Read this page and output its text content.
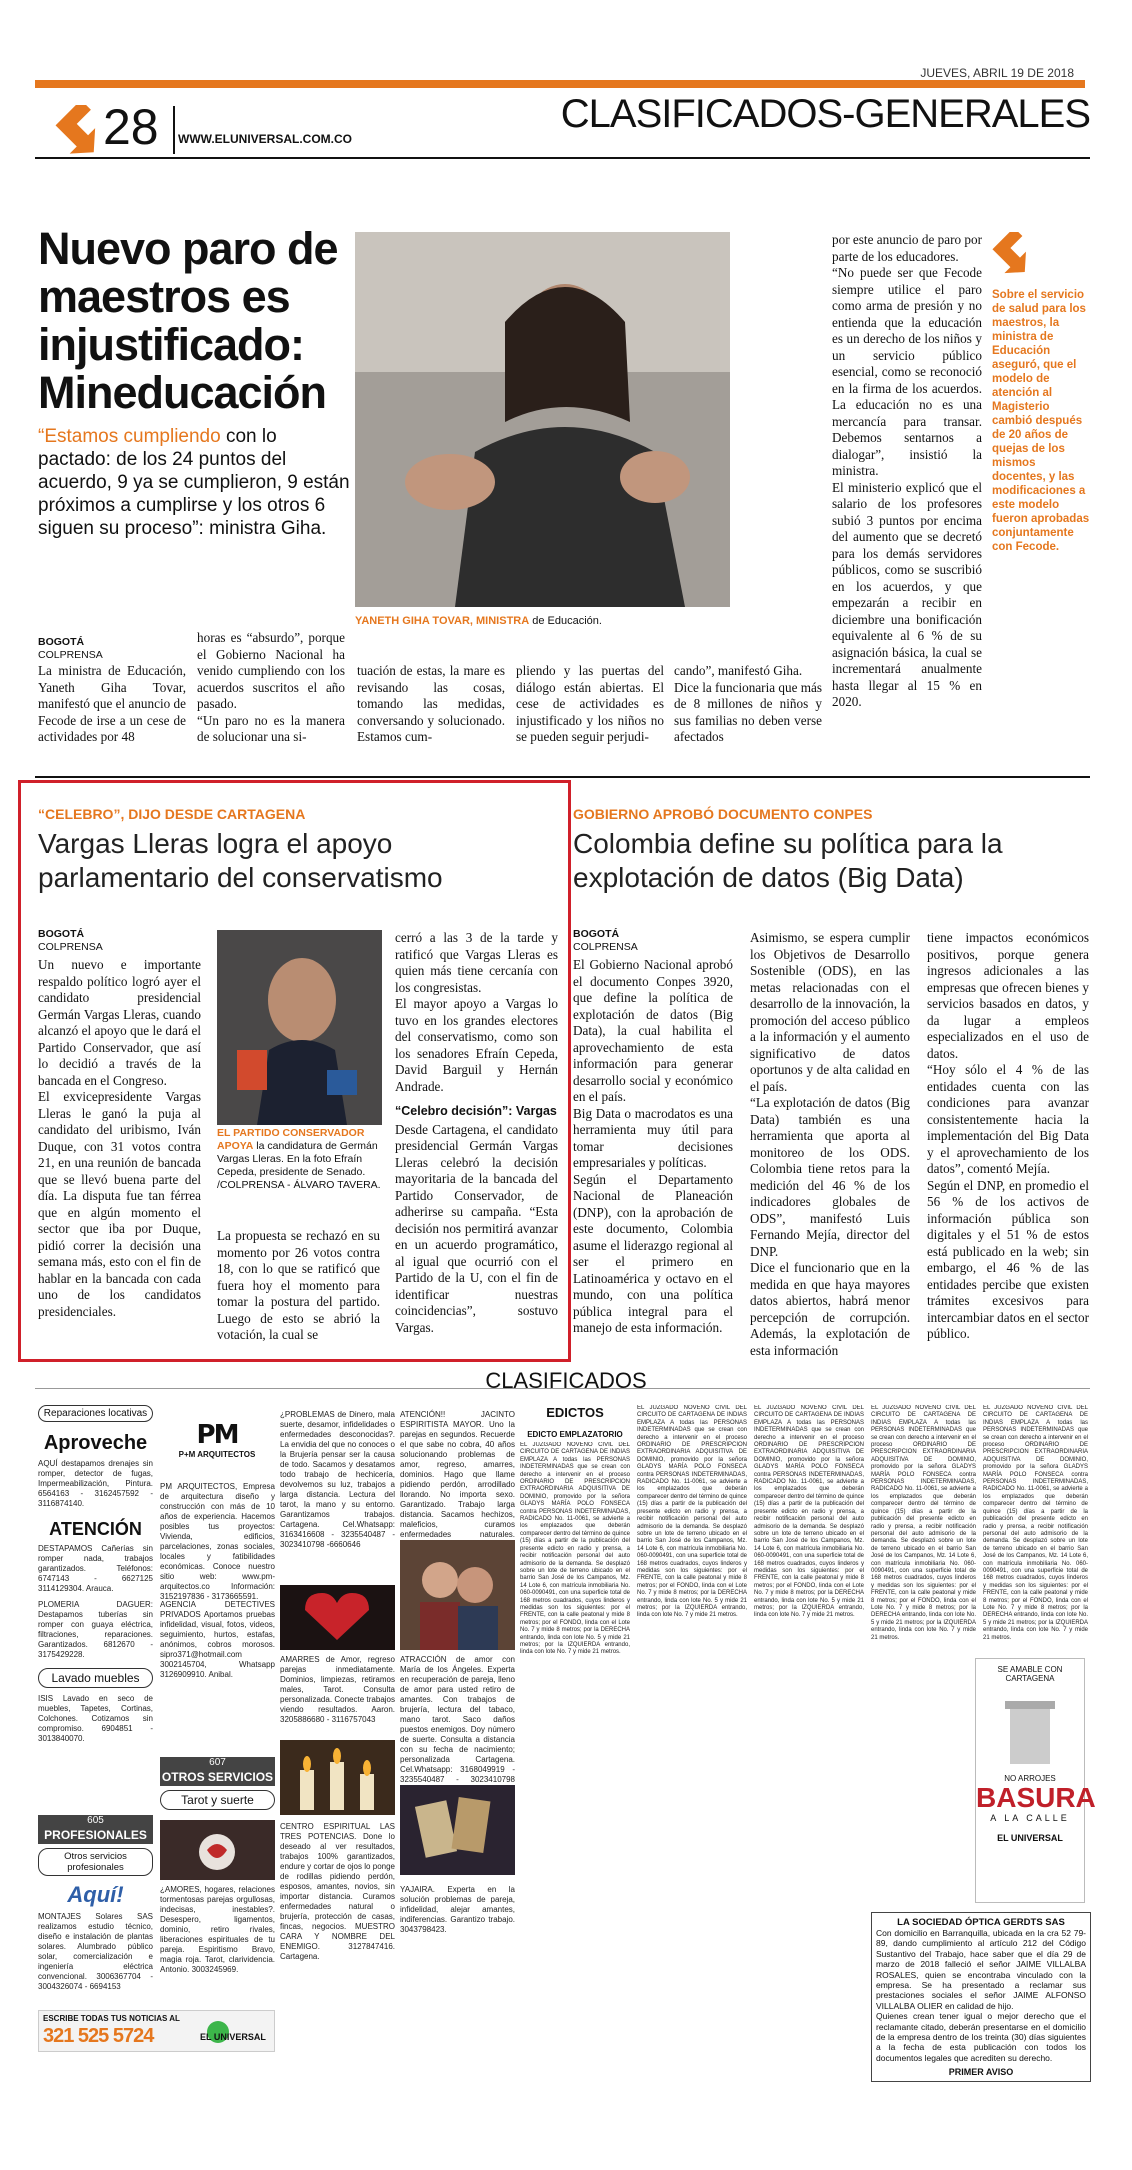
JUEVES, ABRIL 19 DE 2018
28 WWW.ELUNIVERSAL.COM.CO
CLASIFICADOS-GENERALES
Nuevo paro de maestros es injustificado: Mineducación
“Estamos cumpliendo con lo pactado: de los 24 puntos del acuerdo, 9 ya se cumplieron, 9 están próximos a cumplirse y los otros 6 siguen su proceso”: ministra Giha.
YANETH GIHA TOVAR, MINISTRA de Educación.
BOGOTÁ
COLPRENSA
La ministra de Educación, Yaneth Giha Tovar, manifestó que el anuncio de Fecode de irse a un cese de actividades por 48
horas es “absurdo”, porque el Gobierno Nacional ha venido cumpliendo con los acuerdos suscritos el año pasado.
“Un paro no es la manera de solucionar una si-
tuación de estas, la mare es revisando las cosas, tomando las medidas, conversando y solucionado. Estamos cum-
pliendo y las puertas del diálogo están abiertas. El cese de actividades es injustificado y los niños no se pueden seguir perjudi-
cando”, manifestó Giha.
Dice la funcionaria que más de 8 millones de niños y sus familias no deben verse afectados
por este anuncio de paro por parte de los educadores.
“No puede ser que Fecode siempre utilice el paro como arma de presión y no entienda que la educación es un derecho de los niños y un servicio público esencial, como se reconoció en la firma de los acuerdos. La educación no es una mercancía para transar. Debemos sentarnos a dialogar”, insistió la ministra.
El ministerio explicó que el salario de los profesores subió 3 puntos por encima del aumento que se decretó para los demás servidores públicos, como se suscribió en los acuerdos, y que empezarán a recibir en diciembre una bonificación equivalente al 6 % de su asignación básica, la cual se incrementará anualmente hasta llegar al 15 % en 2020.
Sobre el servicio de salud para los maestros, la ministra de Educación aseguró, que el modelo de atención al Magisterio cambió después de 20 años de quejas de los mismos docentes, y las modificaciones a este modelo fueron aprobadas conjuntamente con Fecode.
“CELEBRO”, DIJO DESDE CARTAGENA
Vargas Lleras logra el apoyo parlamentario del conservatismo
BOGOTÁ
COLPRENSA
Un nuevo e importante respaldo político logró ayer el candidato presidencial Germán Vargas Lleras, cuando alcanzó el apoyo que le dará el Partido Conservador, que así lo decidió a través de la bancada en el Congreso.
El exvicepresidente Vargas Lleras le ganó la puja al candidato del uribismo, Iván Duque, con 31 votos contra 21, en una reunión de bancada que se llevó buena parte del día. La disputa fue tan férrea que en algún momento el sector que iba por Duque, pidió correr la decisión una semana más, esto con el fin de hablar en la bancada con cada uno de los candidatos presidenciales.
EL PARTIDO CONSERVADOR APOYA la candidatura de Germán Vargas Lleras. En la foto Efraín Cepeda, presidente de Senado. /COLPRENSA - ÁLVARO TAVERA.
La propuesta se rechazó en su momento por 26 votos contra 18, con lo que se ratificó que fuera hoy el momento para tomar la postura del partido. Luego de esto se abrió la votación, la cual se
cerró a las 3 de la tarde y ratificó que Vargas Lleras es quien más tiene cercanía con los congresistas.
El mayor apoyo a Vargas lo tuvo en los grandes electores del conservatismo, como son los senadores Efraín Cepeda, David Barguil y Hernán Andrade.
“Celebro decisión”: Vargas
Desde Cartagena, el candidato presidencial Germán Vargas Lleras celebró la decisión mayoritaria de la bancada del Partido Conservador, de adherirse su campaña. “Esta decisión nos permitirá avanzar en un acuerdo programático, al igual que ocurrió con el Partido de la U, con el fin de identificar nuestras coincidencias”, sostuvo Vargas.
GOBIERNO APROBÓ DOCUMENTO CONPES
Colombia define su política para la explotación de datos (Big Data)
BOGOTÁ
COLPRENSA
El Gobierno Nacional aprobó el documento Conpes 3920, que define la política de explotación de datos (Big Data), la cual habilita el aprovechamiento de esta información para generar desarrollo social y económico en el país.
Big Data o macrodatos es una herramienta muy útil para tomar decisiones empresariales y políticas.
Según el Departamento Nacional de Planeación (DNP), con la aprobación de este documento, Colombia asume el liderazgo regional al ser el primero en Latinoamérica y octavo en el mundo, con una política pública integral para el manejo de esta información.
Asimismo, se espera cumplir los Objetivos de Desarrollo Sostenible (ODS), en las metas relacionadas con el desarrollo de la innovación, la promoción del acceso público a la información y el aumento significativo de datos oportunos y de alta calidad en el país.
“La explotación de datos (Big Data) también es una herramienta que aporta al monitoreo de los ODS. Colombia tiene retos para la medición del 46 % de los indicadores globales de ODS”, manifestó Luis Fernando Mejía, director del DNP.
Dice el funcionario que en la medida en que haya mayores datos abiertos, habrá menor percepción de corrupción. Además, la explotación de esta información
tiene impactos económicos positivos, porque genera ingresos adicionales a las empresas que ofrecen bienes y servicios basados en datos, y da lugar a empleos especializados en el uso de datos.
“Hoy sólo el 4 % de las entidades cuenta con las condiciones para avanzar consistentemente hacia la implementación del Big Data y el aprovechamiento de los datos”, comentó Mejía.
Según el DNP, en promedio el 56 % de los activos de información pública son digitales y el 51 % de estos está publicado en la web; sin embargo, el 46 % de las entidades percibe que existen trámites excesivos para intercambiar datos en el sector público.
CLASIFICADOS
Reparaciones locativas
Aproveche
AQUÍ destapamos drenajes sin romper, detector de fugas, Impermeabilización, Pintura. 6564163 - 3162457592 - 3116874140.
ATENCIÓN
DESTAPAMOS Cañerías sin romper nada, trabajos garantizados. Teléfonos: 6747143 - 6627125 3114129304. Arauca.
PLOMERIA DAGUER: Destapamos tuberías sin romper con guaya eléctrica, filtraciones, reparaciones. Garantizados. 6812670 - 3175429228.
Lavado muebles
ISIS Lavado en seco de muebles, Tapetes, Cortinas, Colchones. Cotizamos sin compromiso. 6904851 - 3013840070.
607
OTROS SERVICIOS
Tarot y suerte
605
PROFESIONALES
Otros servicios profesionales
Aquí!
MONTAJES Solares SAS realizamos estudio técnico, diseño e instalación de plantas solares. Alumbrado público solar, comercialización e ingeniería eléctrica convencional. 3006367704 - 3004326074 - 6694153
PM
P+M ARQUITECTOS
PM ARQUITECTOS, Empresa de arquitectura diseño y construcción con más de 10 años de experiencia. Hacemos posibles tus proyectos: Vivienda, edificios, parcelaciones, zonas sociales, locales y fatibilidades económicas. Conoce nuestro sitio web: www.pm-arquitectos.co Información: 3152197836 - 3173665591.
AGENCIA DETECTIVES PRIVADOS Aportamos pruebas infidelidad, visual, fotos, videos, seguimiento, hurtos, estafas, anónimos, cobros morosos. sipro371@hotmail.com 3002145704, Whatsapp 3126909910. Anibal.
¿AMORES, hogares, relaciones tormentosas parejas orgullosas, indecisas, inestables?. Desespero, ligamentos, dominio, retiro rivales, liberaciones espirituales de tu pareja. Espiritismo Bravo, magia roja. Tarot, clarividencia. Antonio. 3003245969.
¿PROBLEMAS de Dinero, mala suerte, desamor, infidelidades o enfermedades desconocidas?. La envidia del que no conoces o la Brujería pensar ser la causa de todo. Sacamos y desatamos todo trabajo de hechicería, devolvemos su luz, trabajos a larga distancia. Lectura del tarot, la mano y su entorno. Garantizamos trabajos. Cartagena. Cel.Whatsapp: 3163416608 - 3235540487 - 3023410798 -6660646
AMARRES de Amor, regreso parejas inmediatamente. Dominios, limpiezas, retiramos males, Tarot. Consulta personalizada. Conecte trabajos viendo resultados. Aaron. 3205886680 - 3116757043
CENTRO ESPIRITUAL LAS TRES POTENCIAS. Done lo deseado al ver resultados, trabajos 100% garantizados, endure y cortar de ojos lo ponge de rodillas pidiendo perdón, esposos, amantes, novios, sin importar distancia. Curamos enfermedades natural o brujería, protección de casas, fincas, negocios. MUESTRO CARA Y NOMBRE DEL ENEMIGO. 3127847416. Cartagena.
ATENCIÓN!! JACINTO ESPIRITISTA MAYOR. Uno la parejas en segundos. Recuerde el que sabe no cobra, 40 años solucionando problemas de amor, regreso, amarres, dominios. Hago que llame pidiendo perdón, arrodillado llorando. No importa sexo. Garantizado. Trabajo larga distancia. Sacamos hechizos, maleficios, curamos enfermedades naturales.
ATRACCIÓN de amor con María de los Ángeles. Experta en recuperación de pareja, lleno de amor para usted retiro de amantes. Con trabajos de brujería, lectura del tabaco, mano tarot. Saco daños puestos enemigos. Doy número de suerte. Consulta a distancia con su fecha de nacimiento; personalizada Cartagena. Cel.Whatsapp: 3168049919 - 3235540487 - 3023410798
YAJAIRA. Experta en la solución problemas de pareja, infidelidad, alejar amantes, indiferencias. Garantizo trabajo. 3043798423.
EDICTOS
EDICTO EMPLAZATORIO
EL JUZGADO NOVENO CIVIL DEL CIRCUITO DE CARTAGENA DE INDIAS EMPLAZA A todas las PERSONAS INDETERMINADAS que se crean con derecho a intervenir en el proceso ORDINARIO DE PRESCRIPCION EXTRAORDINARIA ADQUISITIVA DE DOMINIO, promovido por la señora GLADYS MARÍA POLO FONSECA contra PERSONAS INDETERMINADAS, RADICADO No. 11-0061, se advierte a los emplazados que deberán comparecer dentro del término de quince (15) días a partir de la publicación del presente edicto en radio y prensa, a recibir notificación personal del auto admisorio de la demanda. Se desplazó sobre un lote de terreno ubicado en el barrio San José de los Campanos, Mz. 14 Lote 6, con matrícula inmobiliaria No. 060-0090491, con una superficie total de 168 metros cuadrados, cuyos linderos y medidas son los siguientes: por el FRENTE, con la calle peatonal y mide 8 metros; por el FONDO, linda con el Lote No. 7 y mide 8 metros; por la DERECHA entrando, linda con lote No. 5 y mide 21 metros; por la IZQUIERDA entrando, linda con lote No. 7 y mide 21 metros.
EL JUZGADO NOVENO CIVIL DEL CIRCUITO DE CARTAGENA DE INDIAS EMPLAZA A todas las PERSONAS INDETERMINADAS que se crean con derecho a intervenir en el proceso ORDINARIO DE PRESCRIPCION EXTRAORDINARIA ADQUISITIVA DE DOMINIO, promovido por la señora GLADYS MARÍA POLO FONSECA contra PERSONAS INDETERMINADAS, RADICADO No. 11-0061, se advierte a los emplazados que deberán comparecer dentro del término de quince (15) días a partir de la publicación del presente edicto en radio y prensa, a recibir notificación personal del auto admisorio de la demanda. Se desplazó sobre un lote de terreno ubicado en el barrio San José de los Campanos, Mz. 14 Lote 6, con matrícula inmobiliaria No. 060-0090491, con una superficie total de 168 metros cuadrados, cuyos linderos y medidas son los siguientes: por el FRENTE, con la calle peatonal y mide 8 metros; por el FONDO, linda con el Lote No. 7 y mide 8 metros; por la DERECHA entrando, linda con lote No. 5 y mide 21 metros; por la IZQUIERDA entrando, linda con lote No. 7 y mide 21 metros.
EL JUZGADO NOVENO CIVIL DEL CIRCUITO DE CARTAGENA DE INDIAS EMPLAZA A todas las PERSONAS INDETERMINADAS que se crean con derecho a intervenir en el proceso ORDINARIO DE PRESCRIPCION EXTRAORDINARIA ADQUISITIVA DE DOMINIO, promovido por la señora GLADYS MARÍA POLO FONSECA contra PERSONAS INDETERMINADAS, RADICADO No. 11-0061, se advierte a los emplazados que deberán comparecer dentro del término de quince (15) días a partir de la publicación del presente edicto en radio y prensa, a recibir notificación personal del auto admisorio de la demanda. Se desplazó sobre un lote de terreno ubicado en el barrio San José de los Campanos, Mz. 14 Lote 6, con matrícula inmobiliaria No. 060-0090491, con una superficie total de 168 metros cuadrados, cuyos linderos y medidas son los siguientes: por el FRENTE, con la calle peatonal y mide 8 metros; por el FONDO, linda con el Lote No. 7 y mide 8 metros; por la DERECHA entrando, linda con lote No. 5 y mide 21 metros; por la IZQUIERDA entrando, linda con lote No. 7 y mide 21 metros.
EL JUZGADO NOVENO CIVIL DEL CIRCUITO DE CARTAGENA DE INDIAS EMPLAZA A todas las PERSONAS INDETERMINADAS que se crean con derecho a intervenir en el proceso ORDINARIO DE PRESCRIPCION EXTRAORDINARIA ADQUISITIVA DE DOMINIO, promovido por la señora GLADYS MARÍA POLO FONSECA contra PERSONAS INDETERMINADAS, RADICADO No. 11-0061, se advierte a los emplazados que deberán comparecer dentro del término de quince (15) días a partir de la publicación del presente edicto en radio y prensa, a recibir notificación personal del auto admisorio de la demanda. Se desplazó sobre un lote de terreno ubicado en el barrio San José de los Campanos, Mz. 14 Lote 6, con matrícula inmobiliaria No. 060-0090491, con una superficie total de 168 metros cuadrados, cuyos linderos y medidas son los siguientes: por el FRENTE, con la calle peatonal y mide 8 metros; por el FONDO, linda con el Lote No. 7 y mide 8 metros; por la DERECHA entrando, linda con lote No. 5 y mide 21 metros; por la IZQUIERDA entrando, linda con lote No. 7 y mide 21 metros.
EL JUZGADO NOVENO CIVIL DEL CIRCUITO DE CARTAGENA DE INDIAS EMPLAZA A todas las PERSONAS INDETERMINADAS que se crean con derecho a intervenir en el proceso ORDINARIO DE PRESCRIPCION EXTRAORDINARIA ADQUISITIVA DE DOMINIO, promovido por la señora GLADYS MARÍA POLO FONSECA contra PERSONAS INDETERMINADAS, RADICADO No. 11-0061, se advierte a los emplazados que deberán comparecer dentro del término de quince (15) días a partir de la publicación del presente edicto en radio y prensa, a recibir notificación personal del auto admisorio de la demanda. Se desplazó sobre un lote de terreno ubicado en el barrio San José de los Campanos, Mz. 14 Lote 6, con matrícula inmobiliaria No. 060-0090491, con una superficie total de 168 metros cuadrados, cuyos linderos y medidas son los siguientes: por el FRENTE, con la calle peatonal y mide 8 metros; por el FONDO, linda con el Lote No. 7 y mide 8 metros; por la DERECHA entrando, linda con lote No. 5 y mide 21 metros; por la IZQUIERDA entrando, linda con lote No. 7 y mide 21 metros.
SE AMABLE CON CARTAGENA
NO ARROJES
BASURA
A LA CALLE
EL UNIVERSAL
LA SOCIEDAD ÓPTICA GERDTS SAS
Con domicilio en Barranquilla, ubicada en la cra 52 79-89, dando cumplimiento al artículo 212 del Código Sustantivo del Trabajo, hace saber que el día 29 de marzo de 2018 falleció el señor JAIME VILLALBA ROSALES, quien se encontraba vinculado con la empresa. Se ha presentado a reclamar sus prestaciones sociales el señor JAIME ALFONSO VILLALBA OLIER en calidad de hijo.
Quienes crean tener igual o mejor derecho que el reclamante citado, deberán presentarse en el domicilio de la empresa dentro de los treinta (30) días siguientes a la fecha de esta publicación con todos los documentos legales que acrediten su derecho.
PRIMER AVISO
ESCRIBE TODAS TUS NOTICIAS AL
321 525 5724	EL UNIVERSAL
